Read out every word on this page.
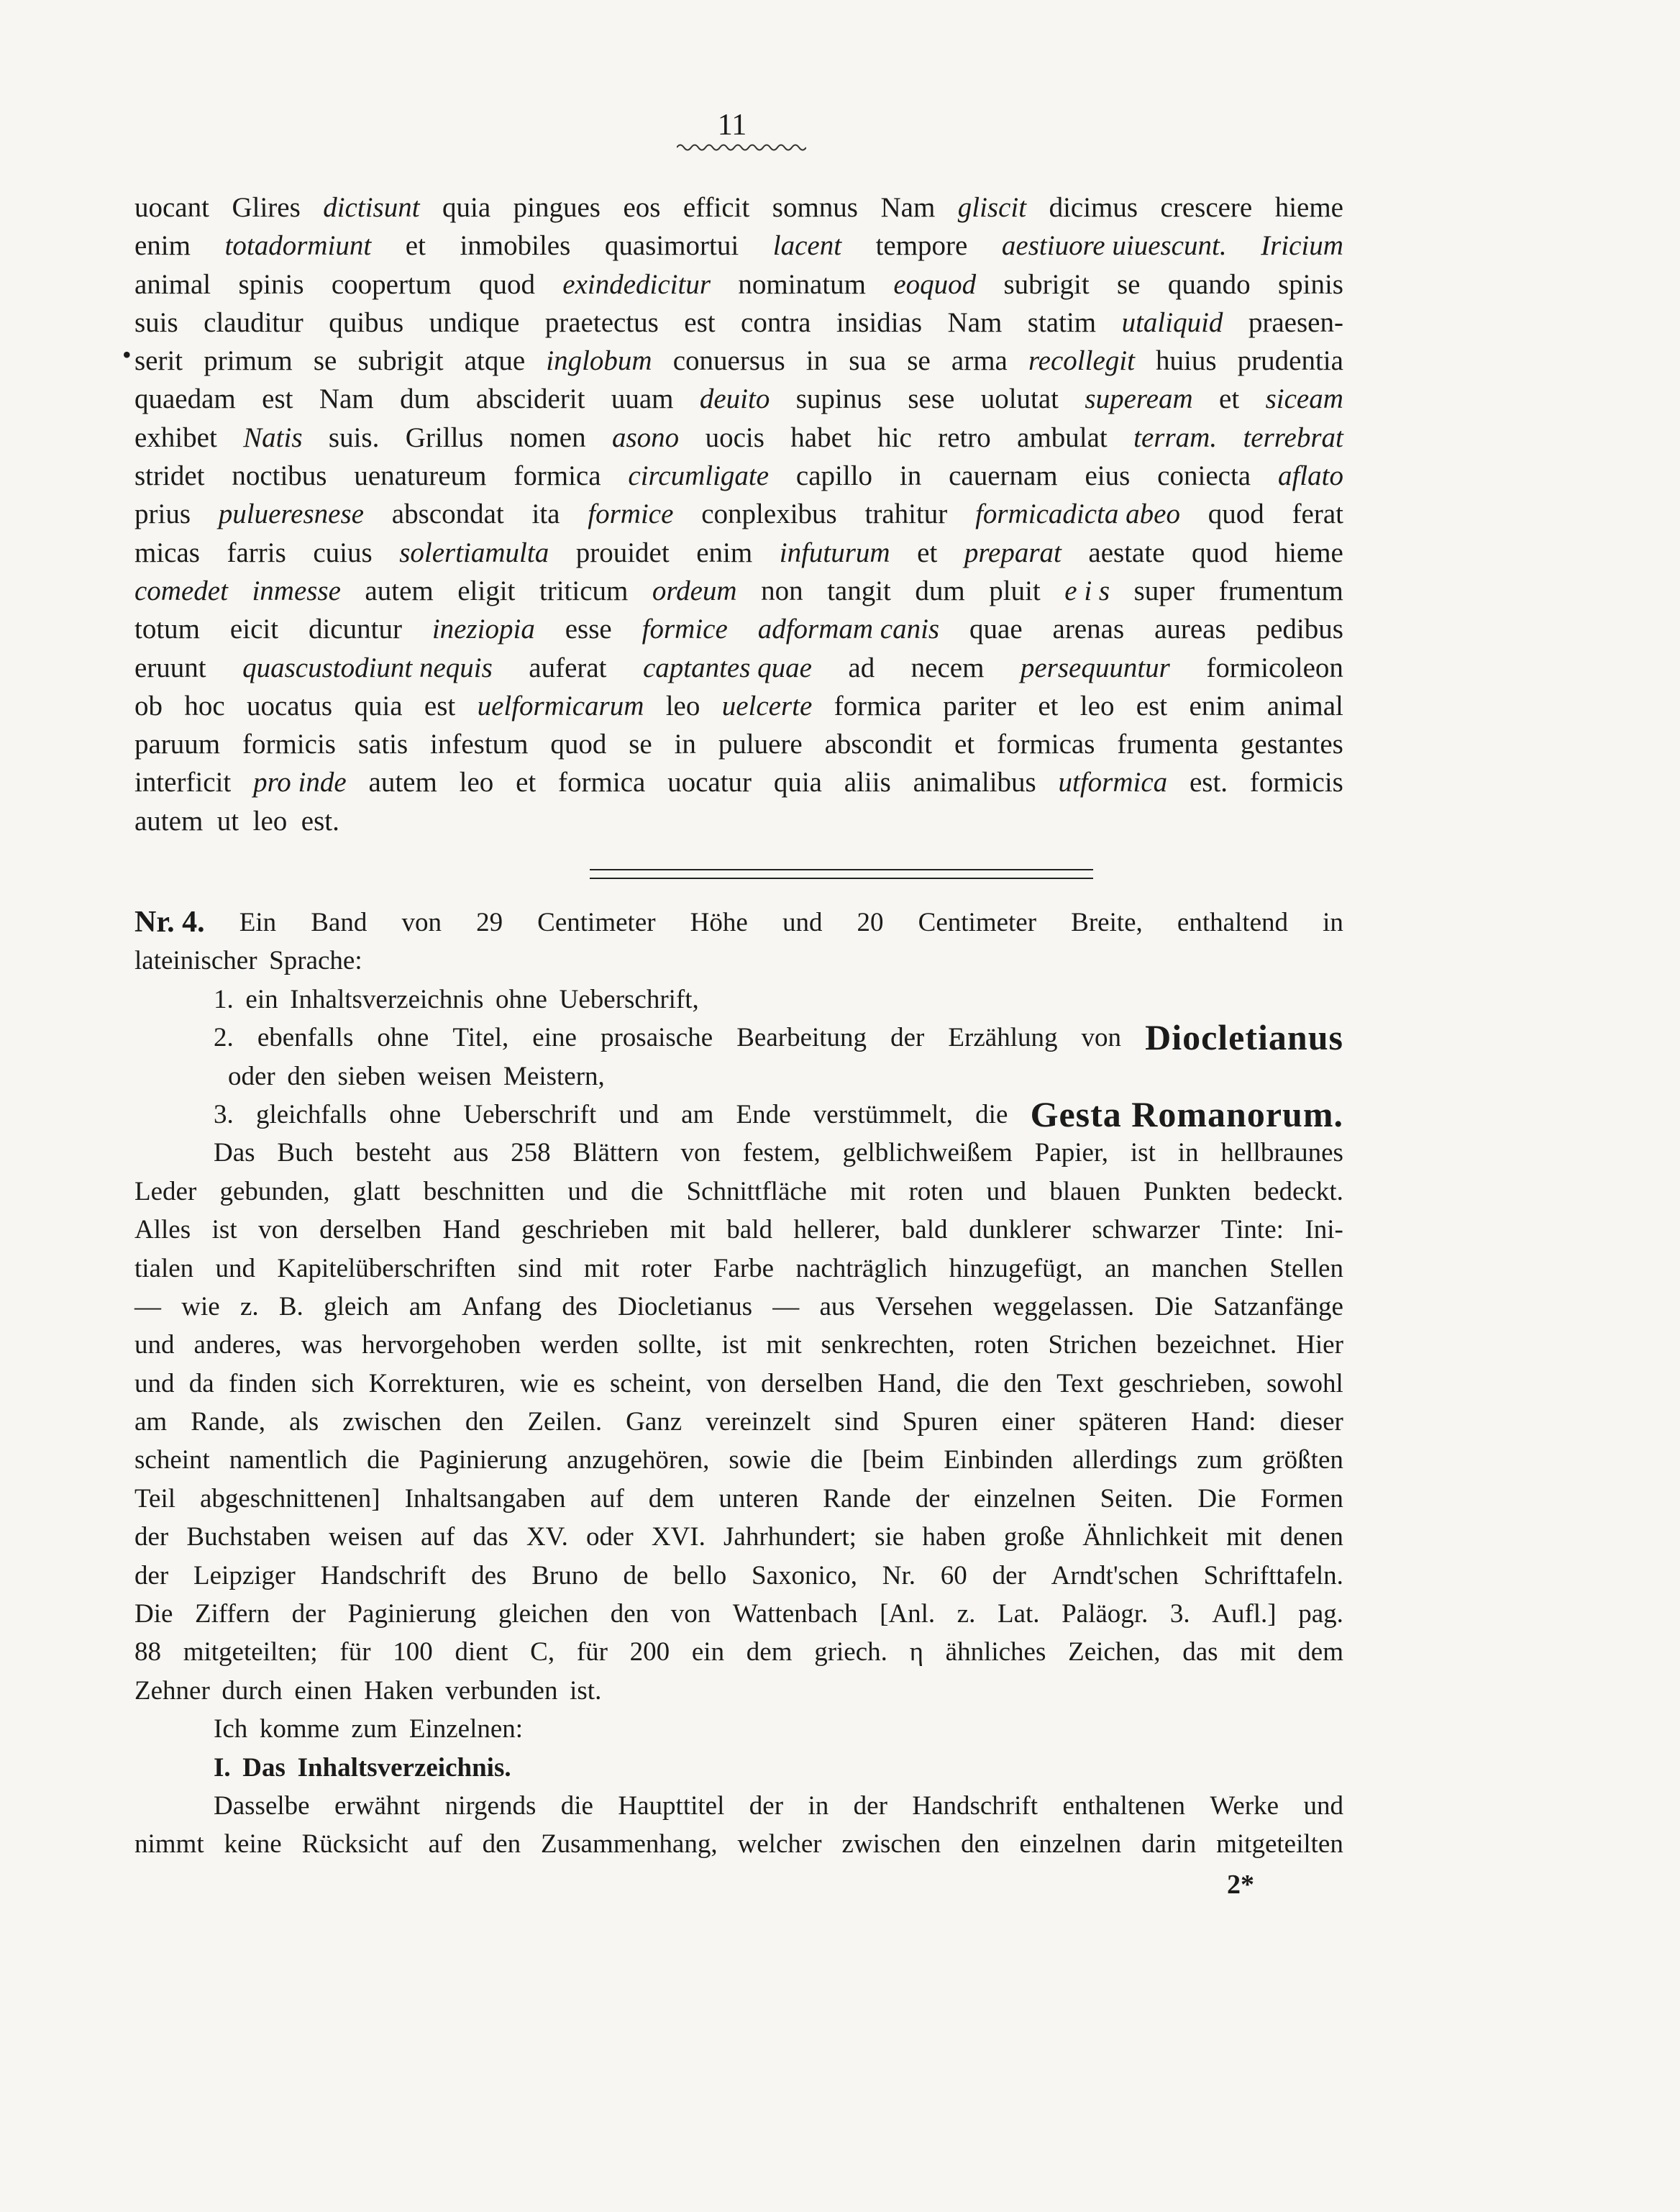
11
•
uocant Glires dictisunt quia pingues eos efficit somnus Nam gliscit dicimus crescere hieme
enim totadormiunt et inmobiles quasimortui lacent tempore aestiuore uiuescunt. Iricium
animal spinis coopertum quod exindedicitur nominatum eoquod subrigit se quando spinis
suis clauditur quibus undique praetectus est contra insidias Nam statim utaliquid praesen-
serit primum se subrigit atque inglobum conuersus in sua se arma recollegit huius prudentia
quaedam est Nam dum absciderit uuam deuito supinus sese uolutat supeream et siceam
exhibet Natis suis. Grillus nomen asono uocis habet hic retro ambulat terram. terrebrat
stridet noctibus uenatureum formica circumligate capillo in cauernam eius coniecta aflato
prius pulueresnese abscondat ita formice conplexibus trahitur formicadicta abeo quod ferat
micas farris cuius solertiamulta prouidet enim infuturum et preparat aestate quod hieme
comedet inmesse autem eligit triticum ordeum non tangit dum pluit e i s super frumentum
totum eicit dicuntur ineziopia esse formice adformam canis quae arenas aureas pedibus
eruunt quascustodiunt nequis auferat captantes quae ad necem persequuntur formicoleon
ob hoc uocatus quia est uelformicarum leo uelcerte formica pariter et leo est enim animal
paruum formicis satis infestum quod se in puluere abscondit et formicas frumenta gestantes
interficit pro inde autem leo et formica uocatur quia aliis animalibus utformica est. formicis
autem ut leo est.
Nr. 4. Ein Band von 29 Centimeter Höhe und 20 Centimeter Breite, enthaltend in
lateinischer Sprache:
1. ein Inhaltsverzeichnis ohne Ueberschrift,
2. ebenfalls ohne Titel, eine prosaische Bearbeitung der Erzählung von Diocletianus
oder den sieben weisen Meistern,
3. gleichfalls ohne Ueberschrift und am Ende verstümmelt, die Gesta Romanorum.
Das Buch besteht aus 258 Blättern von festem, gelblichweißem Papier, ist in hellbraunes
Leder gebunden, glatt beschnitten und die Schnittfläche mit roten und blauen Punkten bedeckt.
Alles ist von derselben Hand geschrieben mit bald hellerer, bald dunklerer schwarzer Tinte: Ini-
tialen und Kapitelüberschriften sind mit roter Farbe nachträglich hinzugefügt, an manchen Stellen
— wie z. B. gleich am Anfang des Diocletianus — aus Versehen weggelassen. Die Satzanfänge
und anderes, was hervorgehoben werden sollte, ist mit senkrechten, roten Strichen bezeichnet. Hier
und da finden sich Korrekturen, wie es scheint, von derselben Hand, die den Text geschrieben, sowohl
am Rande, als zwischen den Zeilen. Ganz vereinzelt sind Spuren einer späteren Hand: dieser
scheint namentlich die Paginierung anzugehören, sowie die [beim Einbinden allerdings zum größten
Teil abgeschnittenen] Inhaltsangaben auf dem unteren Rande der einzelnen Seiten. Die Formen
der Buchstaben weisen auf das XV. oder XVI. Jahrhundert; sie haben große Ähnlichkeit mit denen
der Leipziger Handschrift des Bruno de bello Saxonico, Nr. 60 der Arndt'schen Schrifttafeln.
Die Ziffern der Paginierung gleichen den von Wattenbach [Anl. z. Lat. Paläogr. 3. Aufl.] pag.
88 mitgeteilten; für 100 dient C, für 200 ein dem griech. η ähnliches Zeichen, das mit dem
Zehner durch einen Haken verbunden ist.
Ich komme zum Einzelnen:
I. Das Inhaltsverzeichnis.
Dasselbe erwähnt nirgends die Haupttitel der in der Handschrift enthaltenen Werke und
nimmt keine Rücksicht auf den Zusammenhang, welcher zwischen den einzelnen darin mitgeteilten
2*
